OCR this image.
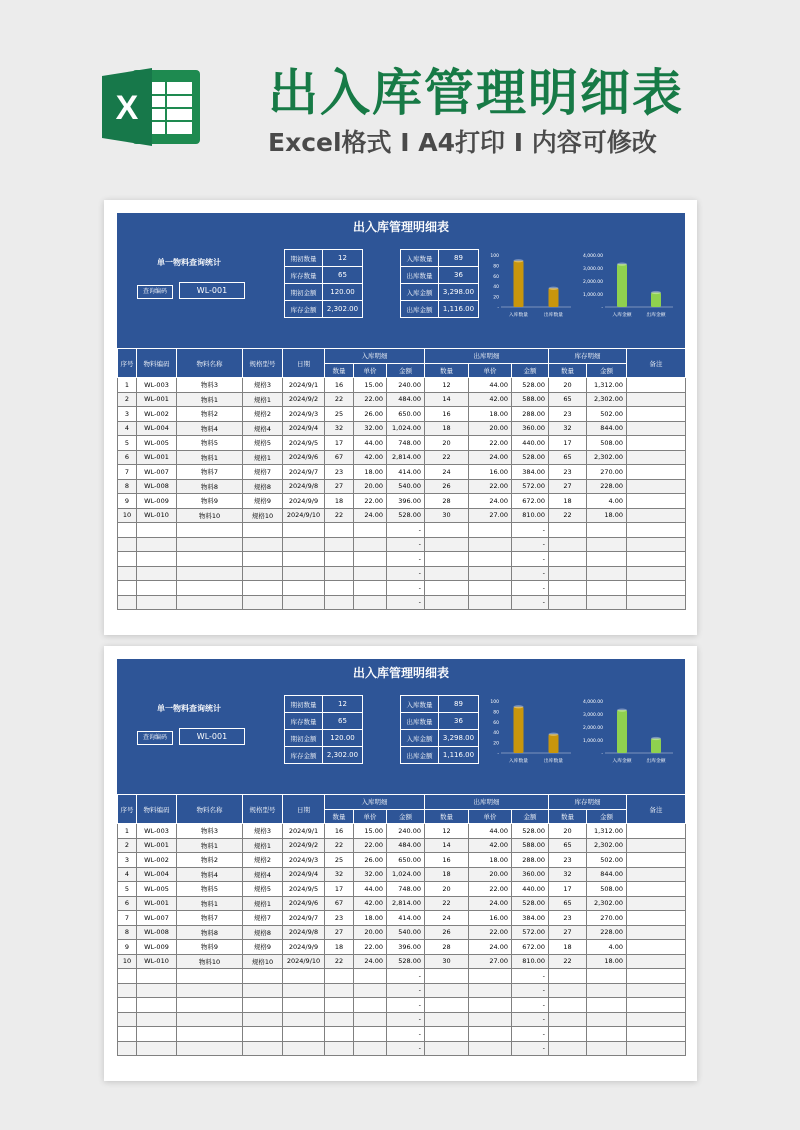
X	出入库管理明细表
Excel格式 I A4打印 I 内容可修改
出入库管理明细表
单一物料查询统计
查询编码	WL-001
期初数量	12
库存数量	65
期初金额	120.00
库存金额	2,302.00
入库数量	89
出库数量	36
入库金额	3,298.00
出库金额	1,116.00
100
80
60
40
20
-
入库数量	出库数量
4,000.00
3,000.00
2,000.00
1,000.00
-
入库金额	出库金额
序号	物料编码	物料名称	规格型号	日期	入库明细			出库明细			库存明细		备注
					数量	单价	金额	数量	单价	金额	数量	金额	
1	WL-003	物料3	规格3	2024/9/1	16	15.00	240.00	12	44.00	528.00	20	1,312.00	
2	WL-001	物料1	规格1	2024/9/2	22	22.00	484.00	14	42.00	588.00	65	2,302.00	
3	WL-002	物料2	规格2	2024/9/3	25	26.00	650.00	16	18.00	288.00	23	502.00	
4	WL-004	物料4	规格4	2024/9/4	32	32.00	1,024.00	18	20.00	360.00	32	844.00	
5	WL-005	物料5	规格5	2024/9/5	17	44.00	748.00	20	22.00	440.00	17	508.00	
6	WL-001	物料1	规格1	2024/9/6	67	42.00	2,814.00	22	24.00	528.00	65	2,302.00	
7	WL-007	物料7	规格7	2024/9/7	23	18.00	414.00	24	16.00	384.00	23	270.00	
8	WL-008	物料8	规格8	2024/9/8	27	20.00	540.00	26	22.00	572.00	27	228.00	
9	WL-009	物料9	规格9	2024/9/9	18	22.00	396.00	28	24.00	672.00	18	4.00	
10	WL-010	物料10	规格10	2024/9/10	22	24.00	528.00	30	27.00	810.00	22	18.00	
							-			-			
							-			-			
							-			-			
							-			-			
							-			-			
							-			-			
出入库管理明细表
单一物料查询统计
查询编码	WL-001
期初数量	12
库存数量	65
期初金额	120.00
库存金额	2,302.00
入库数量	89
出库数量	36
入库金额	3,298.00
出库金额	1,116.00
100
80
60
40
20
-
入库数量	出库数量
4,000.00
3,000.00
2,000.00
1,000.00
-
入库金额	出库金额
序号	物料编码	物料名称	规格型号	日期	入库明细			出库明细			库存明细		备注
					数量	单价	金额	数量	单价	金额	数量	金额	
1	WL-003	物料3	规格3	2024/9/1	16	15.00	240.00	12	44.00	528.00	20	1,312.00	
2	WL-001	物料1	规格1	2024/9/2	22	22.00	484.00	14	42.00	588.00	65	2,302.00	
3	WL-002	物料2	规格2	2024/9/3	25	26.00	650.00	16	18.00	288.00	23	502.00	
4	WL-004	物料4	规格4	2024/9/4	32	32.00	1,024.00	18	20.00	360.00	32	844.00	
5	WL-005	物料5	规格5	2024/9/5	17	44.00	748.00	20	22.00	440.00	17	508.00	
6	WL-001	物料1	规格1	2024/9/6	67	42.00	2,814.00	22	24.00	528.00	65	2,302.00	
7	WL-007	物料7	规格7	2024/9/7	23	18.00	414.00	24	16.00	384.00	23	270.00	
8	WL-008	物料8	规格8	2024/9/8	27	20.00	540.00	26	22.00	572.00	27	228.00	
9	WL-009	物料9	规格9	2024/9/9	18	22.00	396.00	28	24.00	672.00	18	4.00	
10	WL-010	物料10	规格10	2024/9/10	22	24.00	528.00	30	27.00	810.00	22	18.00	
							-			-			
							-			-			
							-			-			
							-			-			
							-			-			
							-			-			
